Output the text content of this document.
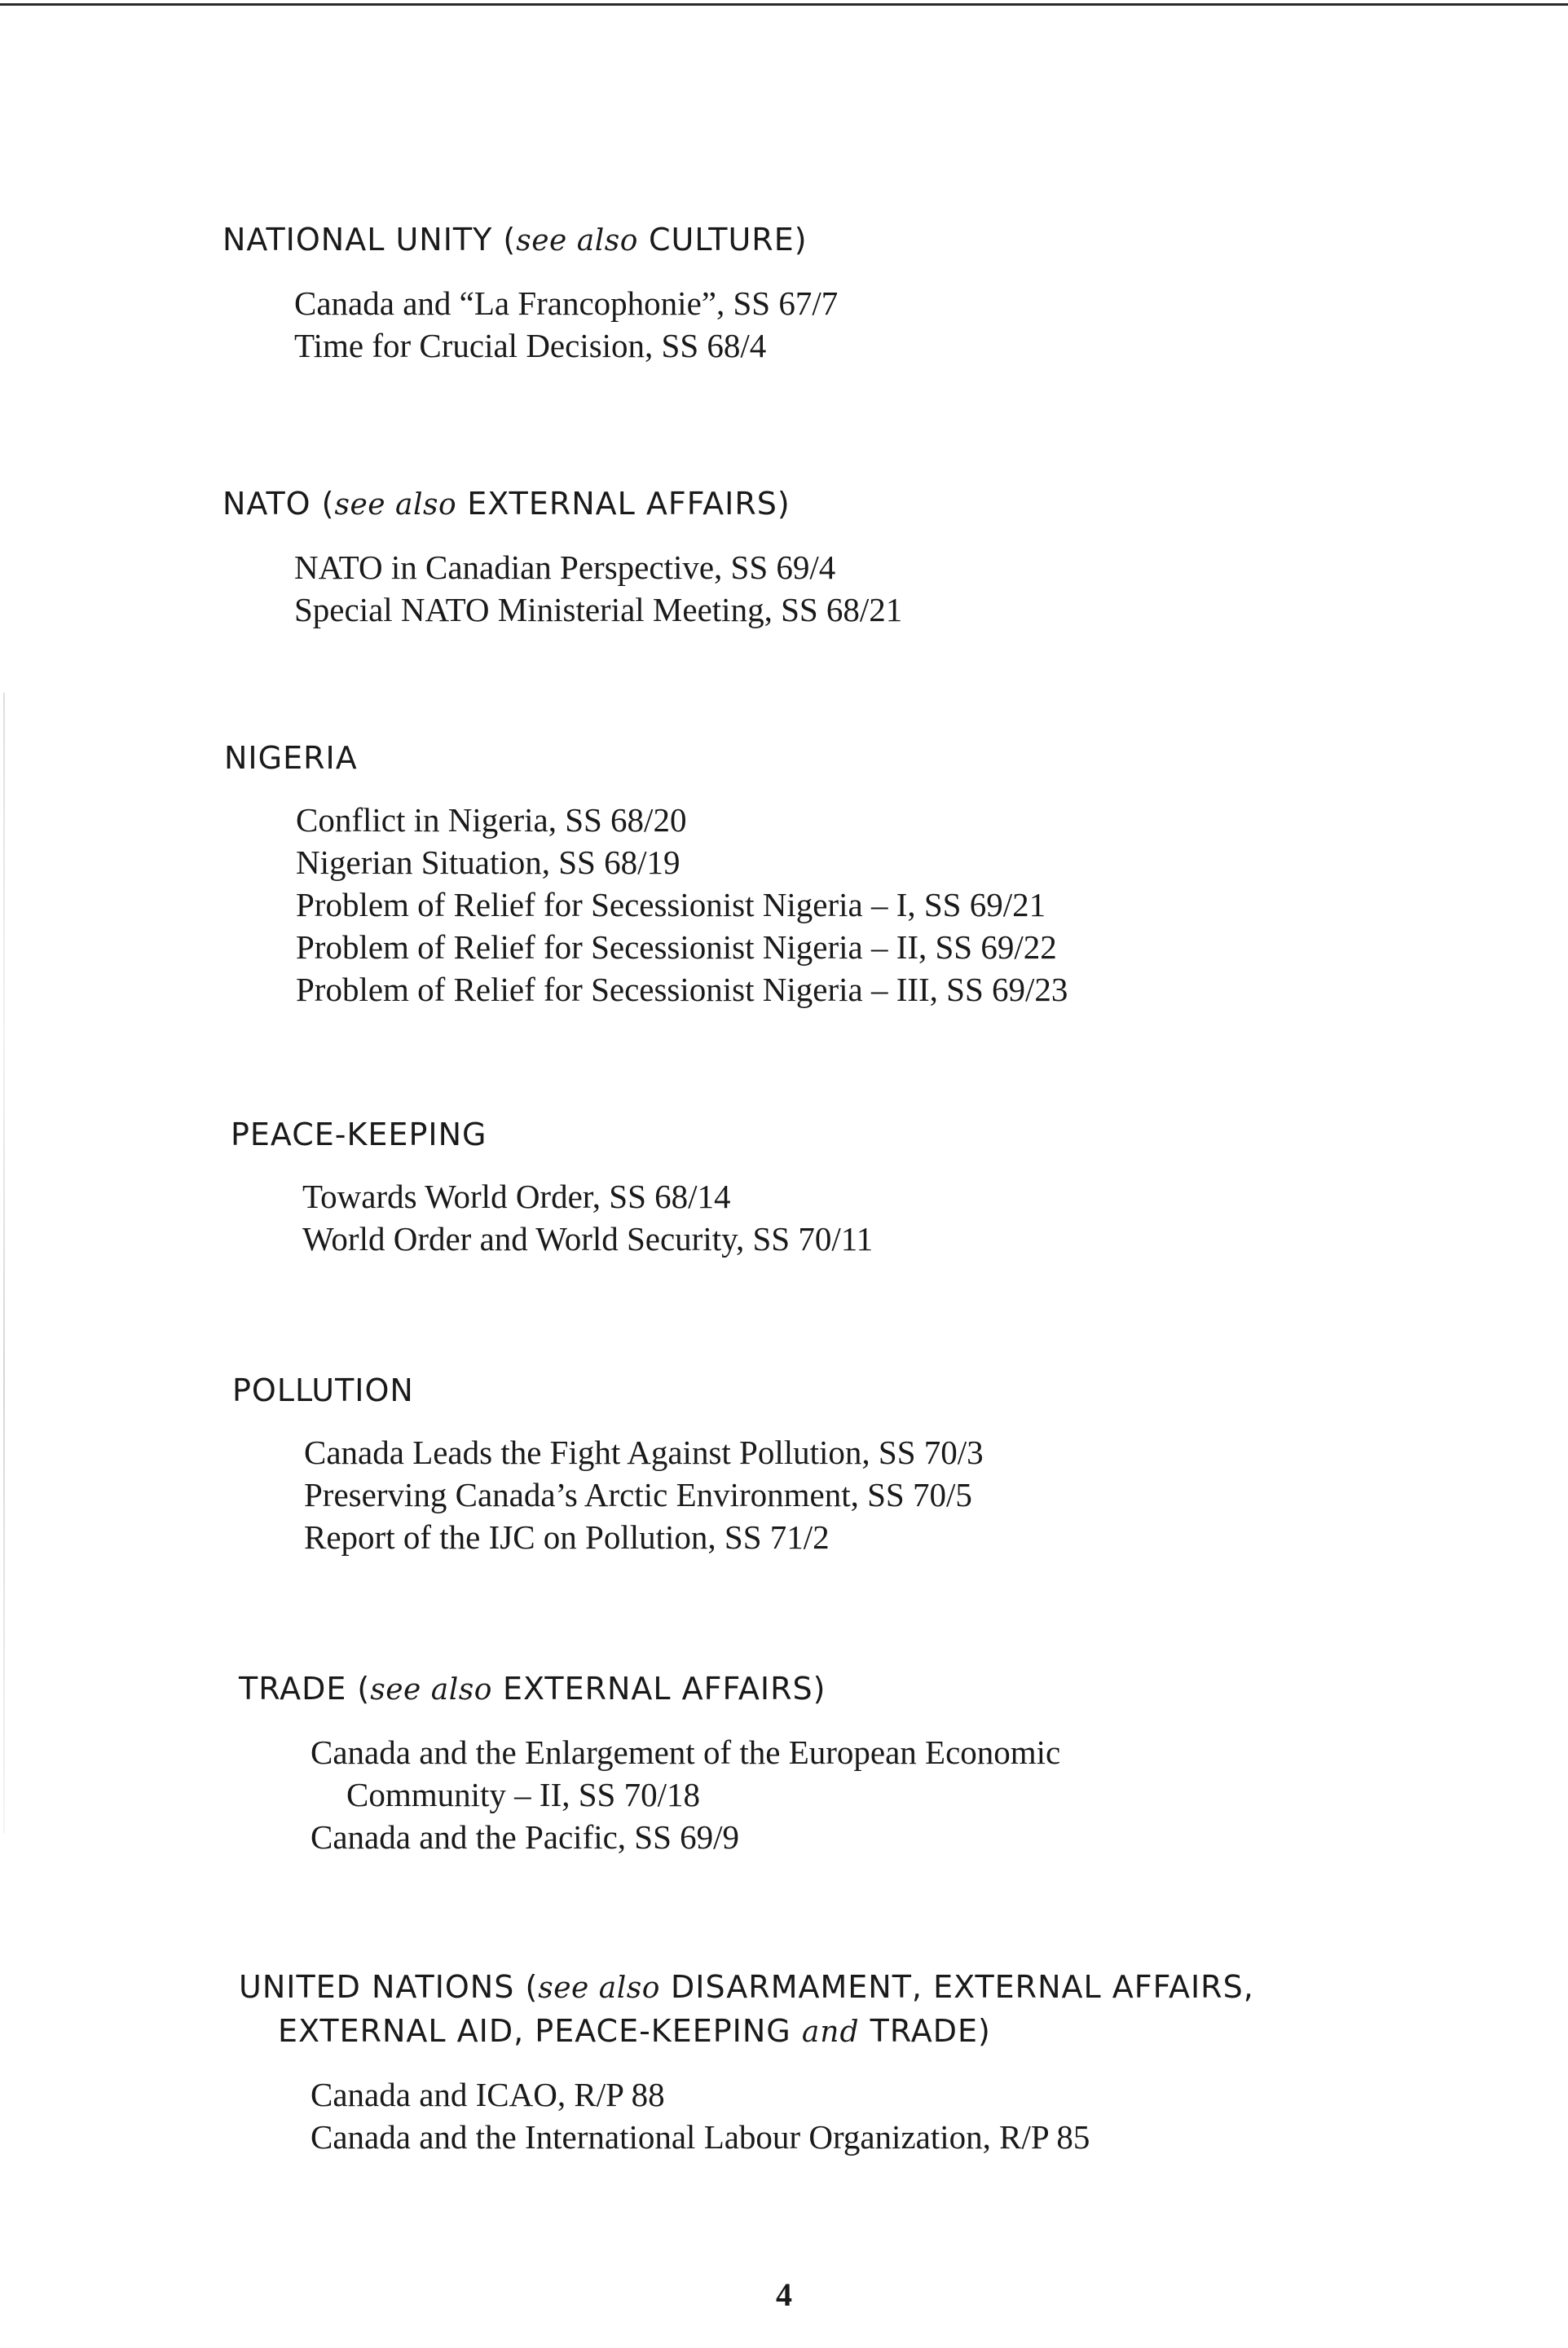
NATIONAL UNITY (see also CULTURE)

Canada and “La Francophonie”, SS 67/7
Time for Crucial Decision, SS 68/4

NATO (see also EXTERNAL AFFAIRS)

NATO in Canadian Perspective, SS 69/4
Special NATO Ministerial Meeting, SS 68/21

NIGERIA

Conflict in Nigeria, SS 68/20
Nigerian Situation, SS 68/19
Problem of Relief for Secessionist Nigeria – I, SS 69/21
Problem of Relief for Secessionist Nigeria – II, SS 69/22
Problem of Relief for Secessionist Nigeria – III, SS 69/23

PEACE-KEEPING

Towards World Order, SS 68/14
World Order and World Security, SS 70/11

POLLUTION

Canada Leads the Fight Against Pollution, SS 70/3
Preserving Canada’s Arctic Environment, SS 70/5
Report of the IJC on Pollution, SS 71/2

TRADE (see also EXTERNAL AFFAIRS)

Canada and the Enlargement of the European Economic
Community – II, SS 70/18
Canada and the Pacific, SS 69/9

UNITED NATIONS (see also DISARMAMENT, EXTERNAL AFFAIRS,
EXTERNAL AID, PEACE-KEEPING and TRADE)

Canada and ICAO, R/P 88
Canada and the International Labour Organization, R/P 85
4
